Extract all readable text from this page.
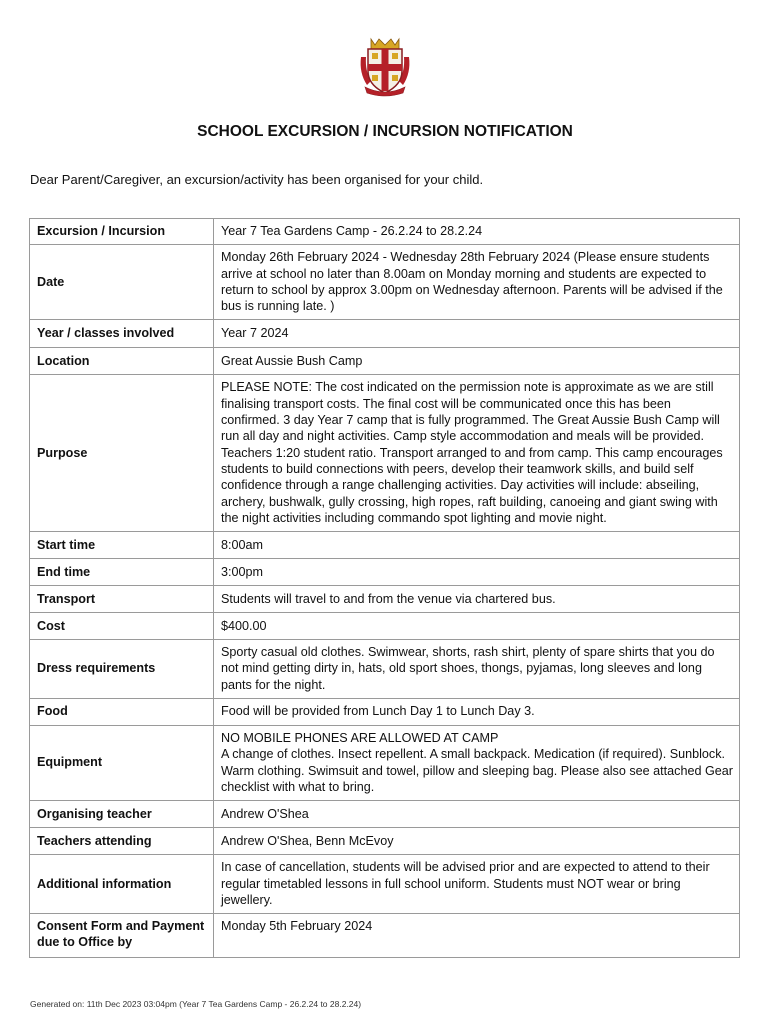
SCHOOL EXCURSION / INCURSION NOTIFICATION
Dear Parent/Caregiver, an excursion/activity has been organised for your child.
Excursion / Incursion	Year 7 Tea Gardens Camp - 26.2.24 to 28.2.24
Date	Monday 26th February 2024 - Wednesday 28th February 2024 (Please ensure students arrive at school no later than 8.00am on Monday morning and students are expected to return to school by approx 3.00pm on Wednesday afternoon. Parents will be advised if the bus is running late. )
Year / classes involved	Year 7 2024
Location	Great Aussie Bush Camp
Purpose	PLEASE NOTE: The cost indicated on the permission note is approximate as we are still finalising transport costs. The final cost will be communicated once this has been confirmed. 3 day Year 7 camp that is fully programmed. The Great Aussie Bush Camp will run all day and night activities. Camp style accommodation and meals will be provided. Teachers 1:20 student ratio. Transport arranged to and from camp. This camp encourages students to build connections with peers, develop their teamwork skills, and build self confidence through a range challenging activities. Day activities will include: abseiling, archery, bushwalk, gully crossing, high ropes, raft building, canoeing and giant swing with the night activities including commando spot lighting and movie night.
Start time	8:00am
End time	3:00pm
Transport	Students will travel to and from the venue via chartered bus.
Cost	$400.00
Dress requirements	Sporty casual old clothes. Swimwear, shorts, rash shirt, plenty of spare shirts that you do not mind getting dirty in, hats, old sport shoes, thongs, pyjamas, long sleeves and long pants for the night.
Food	Food will be provided from Lunch Day 1 to Lunch Day 3.
Equipment	NO MOBILE PHONES ARE ALLOWED AT CAMP
A change of clothes. Insect repellent. A small backpack. Medication (if required). Sunblock. Warm clothing. Swimsuit and towel, pillow and sleeping bag. Please also see attached Gear checklist with what to bring.
Organising teacher	Andrew O'Shea
Teachers attending	Andrew O'Shea, Benn McEvoy
Additional information	In case of cancellation, students will be advised prior and are expected to attend to their regular timetabled lessons in full school uniform. Students must NOT wear or bring jewellery.
Consent Form and Payment due to Office by	Monday 5th February 2024
Generated on: 11th Dec 2023 03:04pm (Year 7 Tea Gardens Camp - 26.2.24 to 28.2.24)
